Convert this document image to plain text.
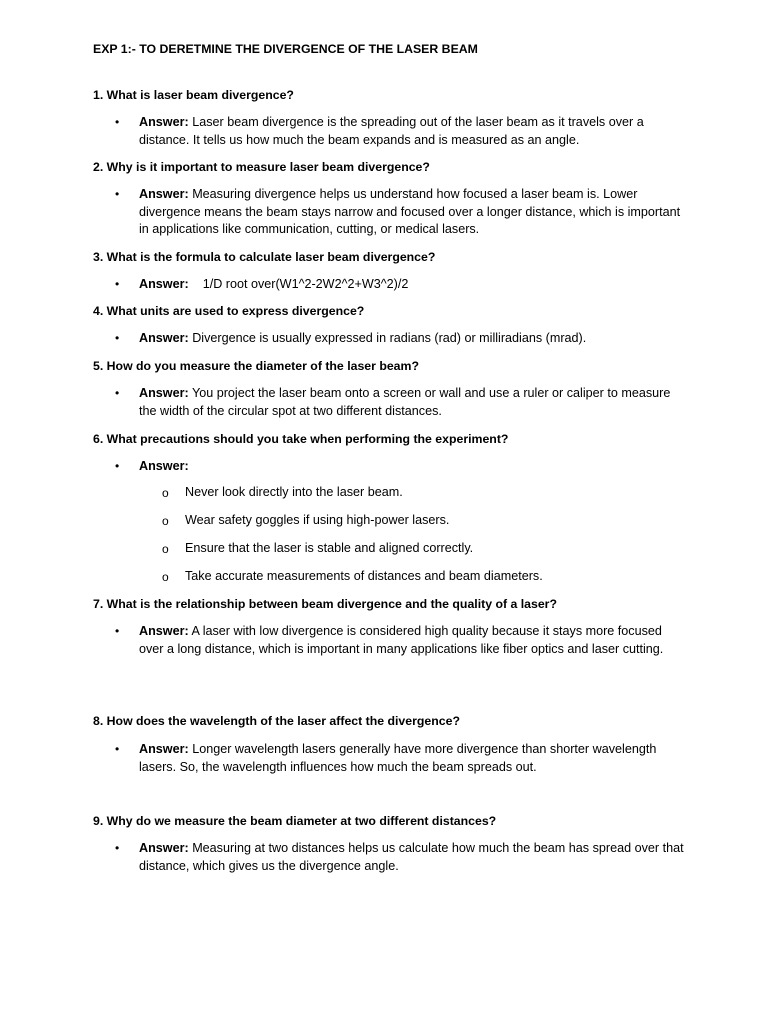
EXP 1:- TO DERETMINE THE DIVERGENCE OF THE LASER BEAM
1. What is laser beam divergence?
• Answer: Laser beam divergence is the spreading out of the laser beam as it travels over a distance. It tells us how much the beam expands and is measured as an angle.
2. Why is it important to measure laser beam divergence?
• Answer: Measuring divergence helps us understand how focused a laser beam is. Lower divergence means the beam stays narrow and focused over a longer distance, which is important in applications like communication, cutting, or medical lasers.
3. What is the formula to calculate laser beam divergence?
• Answer: 1/D root over(W1^2-2W2^2+W3^2)/2
4. What units are used to express divergence?
• Answer: Divergence is usually expressed in radians (rad) or milliradians (mrad).
5. How do you measure the diameter of the laser beam?
• Answer: You project the laser beam onto a screen or wall and use a ruler or caliper to measure the width of the circular spot at two different distances.
6. What precautions should you take when performing the experiment?
• Answer:
o Never look directly into the laser beam.
o Wear safety goggles if using high-power lasers.
o Ensure that the laser is stable and aligned correctly.
o Take accurate measurements of distances and beam diameters.
7. What is the relationship between beam divergence and the quality of a laser?
• Answer: A laser with low divergence is considered high quality because it stays more focused over a long distance, which is important in many applications like fiber optics and laser cutting.
8. How does the wavelength of the laser affect the divergence?
• Answer: Longer wavelength lasers generally have more divergence than shorter wavelength lasers. So, the wavelength influences how much the beam spreads out.
9. Why do we measure the beam diameter at two different distances?
• Answer: Measuring at two distances helps us calculate how much the beam has spread over that distance, which gives us the divergence angle.
